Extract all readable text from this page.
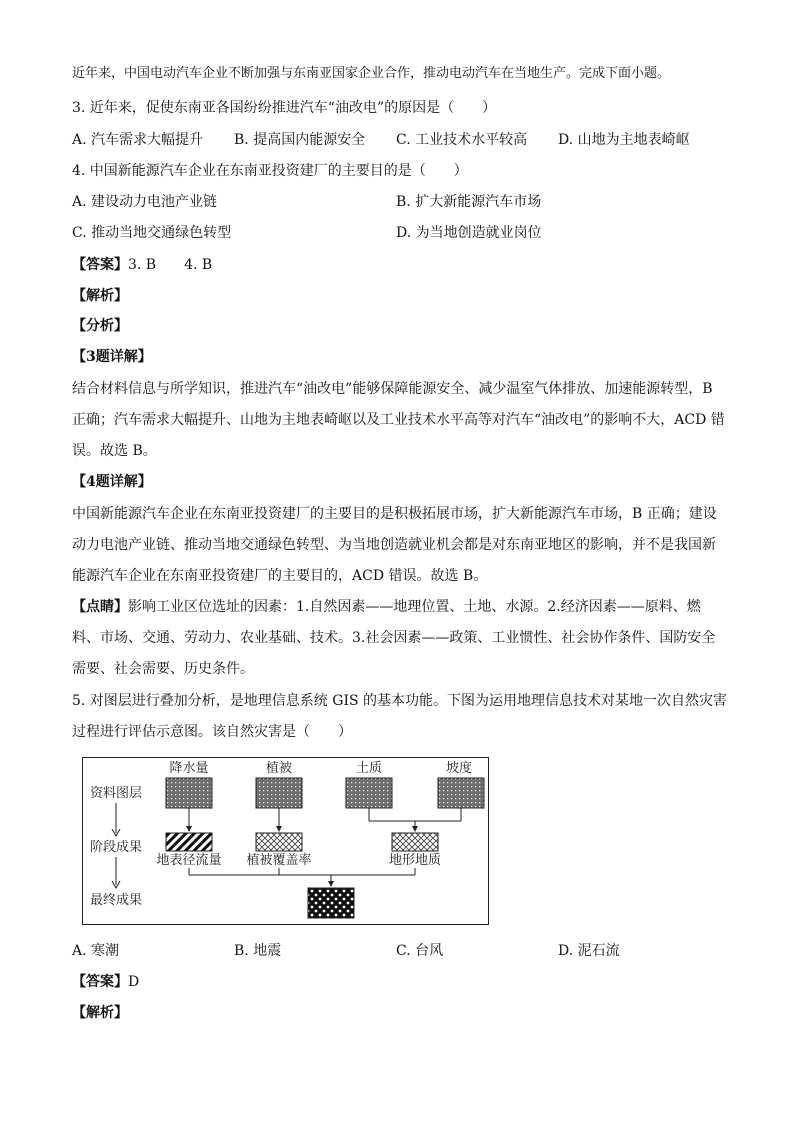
近年来，中国电动汽车企业不断加强与东南亚国家企业合作，推动电动汽车在当地生产。完成下面小题。
3. 近年来，促使东南亚各国纷纷推进汽车“油改电”的原因是（　　）
A. 汽车需求大幅提升 B. 提高国内能源安全 C. 工业技术水平较高 D. 山地为主地表崎岖
4. 中国新能源汽车企业在东南亚投资建厂的主要目的是（　　）
A. 建设动力电池产业链	B. 扩大新能源汽车市场
C. 推动当地交通绿色转型	D. 为当地创造就业岗位
【答案】3. B　　4. B
【解析】
【分析】
【3题详解】
结合材料信息与所学知识，推进汽车“油改电”能够保障能源安全、减少温室气体排放、加速能源转型，B
正确；汽车需求大幅提升、山地为主地表崎岖以及工业技术水平高等对汽车“油改电”的影响不大，ACD 错
误。故选 B。
【4题详解】
中国新能源汽车企业在东南亚投资建厂的主要目的是积极拓展市场，扩大新能源汽车市场，B 正确；建设
动力电池产业链、推动当地交通绿色转型、为当地创造就业机会都是对东南亚地区的影响，并不是我国新
能源汽车企业在东南亚投资建厂的主要目的，ACD 错误。故选 B。
【点睛】影响工业区位选址的因素：1.自然因素——地理位置、土地、水源。2.经济因素——原料、燃
料、市场、交通、劳动力、农业基础、技术。3.社会因素——政策、工业惯性、社会协作条件、国防安全
需要、社会需要、历史条件。
5. 对图层进行叠加分析，是地理信息系统 GIS 的基本功能。下图为运用地理信息技术对某地一次自然灾害
过程进行评估示意图。该自然灾害是（　　）
资料图层
阶段成果
最终成果
降水量	植被	土质	坡度
地表径流量 植被覆盖率	地形地质
A. 寒潮	B. 地震	C. 台风	D. 泥石流
【答案】D
【解析】
